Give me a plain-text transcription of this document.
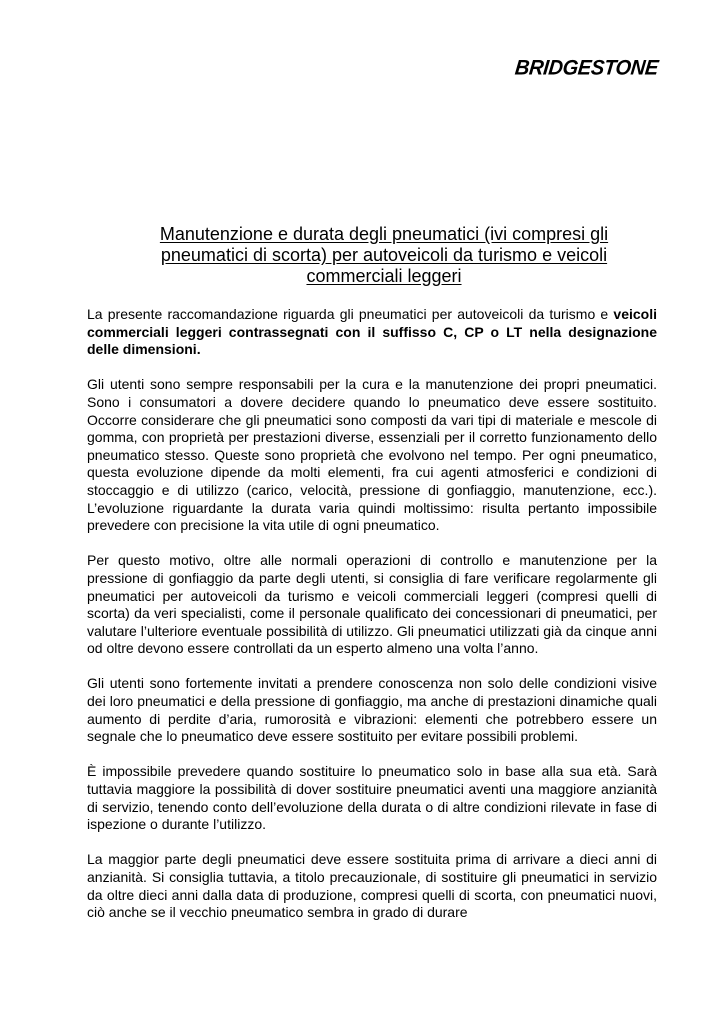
BRIDGESTONE
Manutenzione e durata degli pneumatici (ivi compresi gli pneumatici di scorta) per autoveicoli da turismo e veicoli commerciali leggeri

La presente raccomandazione riguarda gli pneumatici per autoveicoli da turismo e veicoli commerciali leggeri contrassegnati con il suffisso C, CP o LT nella designazione delle dimensioni.

Gli utenti sono sempre responsabili per la cura e la manutenzione dei propri pneumatici. Sono i consumatori a dovere decidere quando lo pneumatico deve essere sostituito. Occorre considerare che gli pneumatici sono composti da vari tipi di materiale e mescole di gomma, con proprietà per prestazioni diverse, essenziali per il corretto funzionamento dello pneumatico stesso. Queste sono proprietà che evolvono nel tempo. Per ogni pneumatico, questa evoluzione dipende da molti elementi, fra cui agenti atmosferici e condizioni di stoccaggio e di utilizzo (carico, velocità, pressione di gonfiaggio, manutenzione, ecc.). L’evoluzione riguardante la durata varia quindi moltissimo: risulta pertanto impossibile prevedere con precisione la vita utile di ogni pneumatico.

Per questo motivo, oltre alle normali operazioni di controllo e manutenzione per la pressione di gonfiaggio da parte degli utenti, si consiglia di fare verificare regolarmente gli pneumatici per autoveicoli da turismo e veicoli commerciali leggeri (compresi quelli di scorta) da veri specialisti, come il personale qualificato dei concessionari di pneumatici, per valutare l’ulteriore eventuale possibilità di utilizzo. Gli pneumatici utilizzati già da cinque anni od oltre devono essere controllati da un esperto almeno una volta l’anno.

Gli utenti sono fortemente invitati a prendere conoscenza non solo delle condizioni visive dei loro pneumatici e della pressione di gonfiaggio, ma anche di prestazioni dinamiche quali aumento di perdite d’aria, rumorosità e vibrazioni: elementi che potrebbero essere un segnale che lo pneumatico deve essere sostituito per evitare possibili problemi.

È impossibile prevedere quando sostituire lo pneumatico solo in base alla sua età. Sarà tuttavia maggiore la possibilità di dover sostituire pneumatici aventi una maggiore anzianità di servizio, tenendo conto dell’evoluzione della durata o di altre condizioni rilevate in fase di ispezione o durante l’utilizzo.

La maggior parte degli pneumatici deve essere sostituita prima di arrivare a dieci anni di anzianità. Si consiglia tuttavia, a titolo precauzionale, di sostituire gli pneumatici in servizio da oltre dieci anni dalla data di produzione, compresi quelli di scorta, con pneumatici nuovi, ciò anche se il vecchio pneumatico sembra in grado di durare
